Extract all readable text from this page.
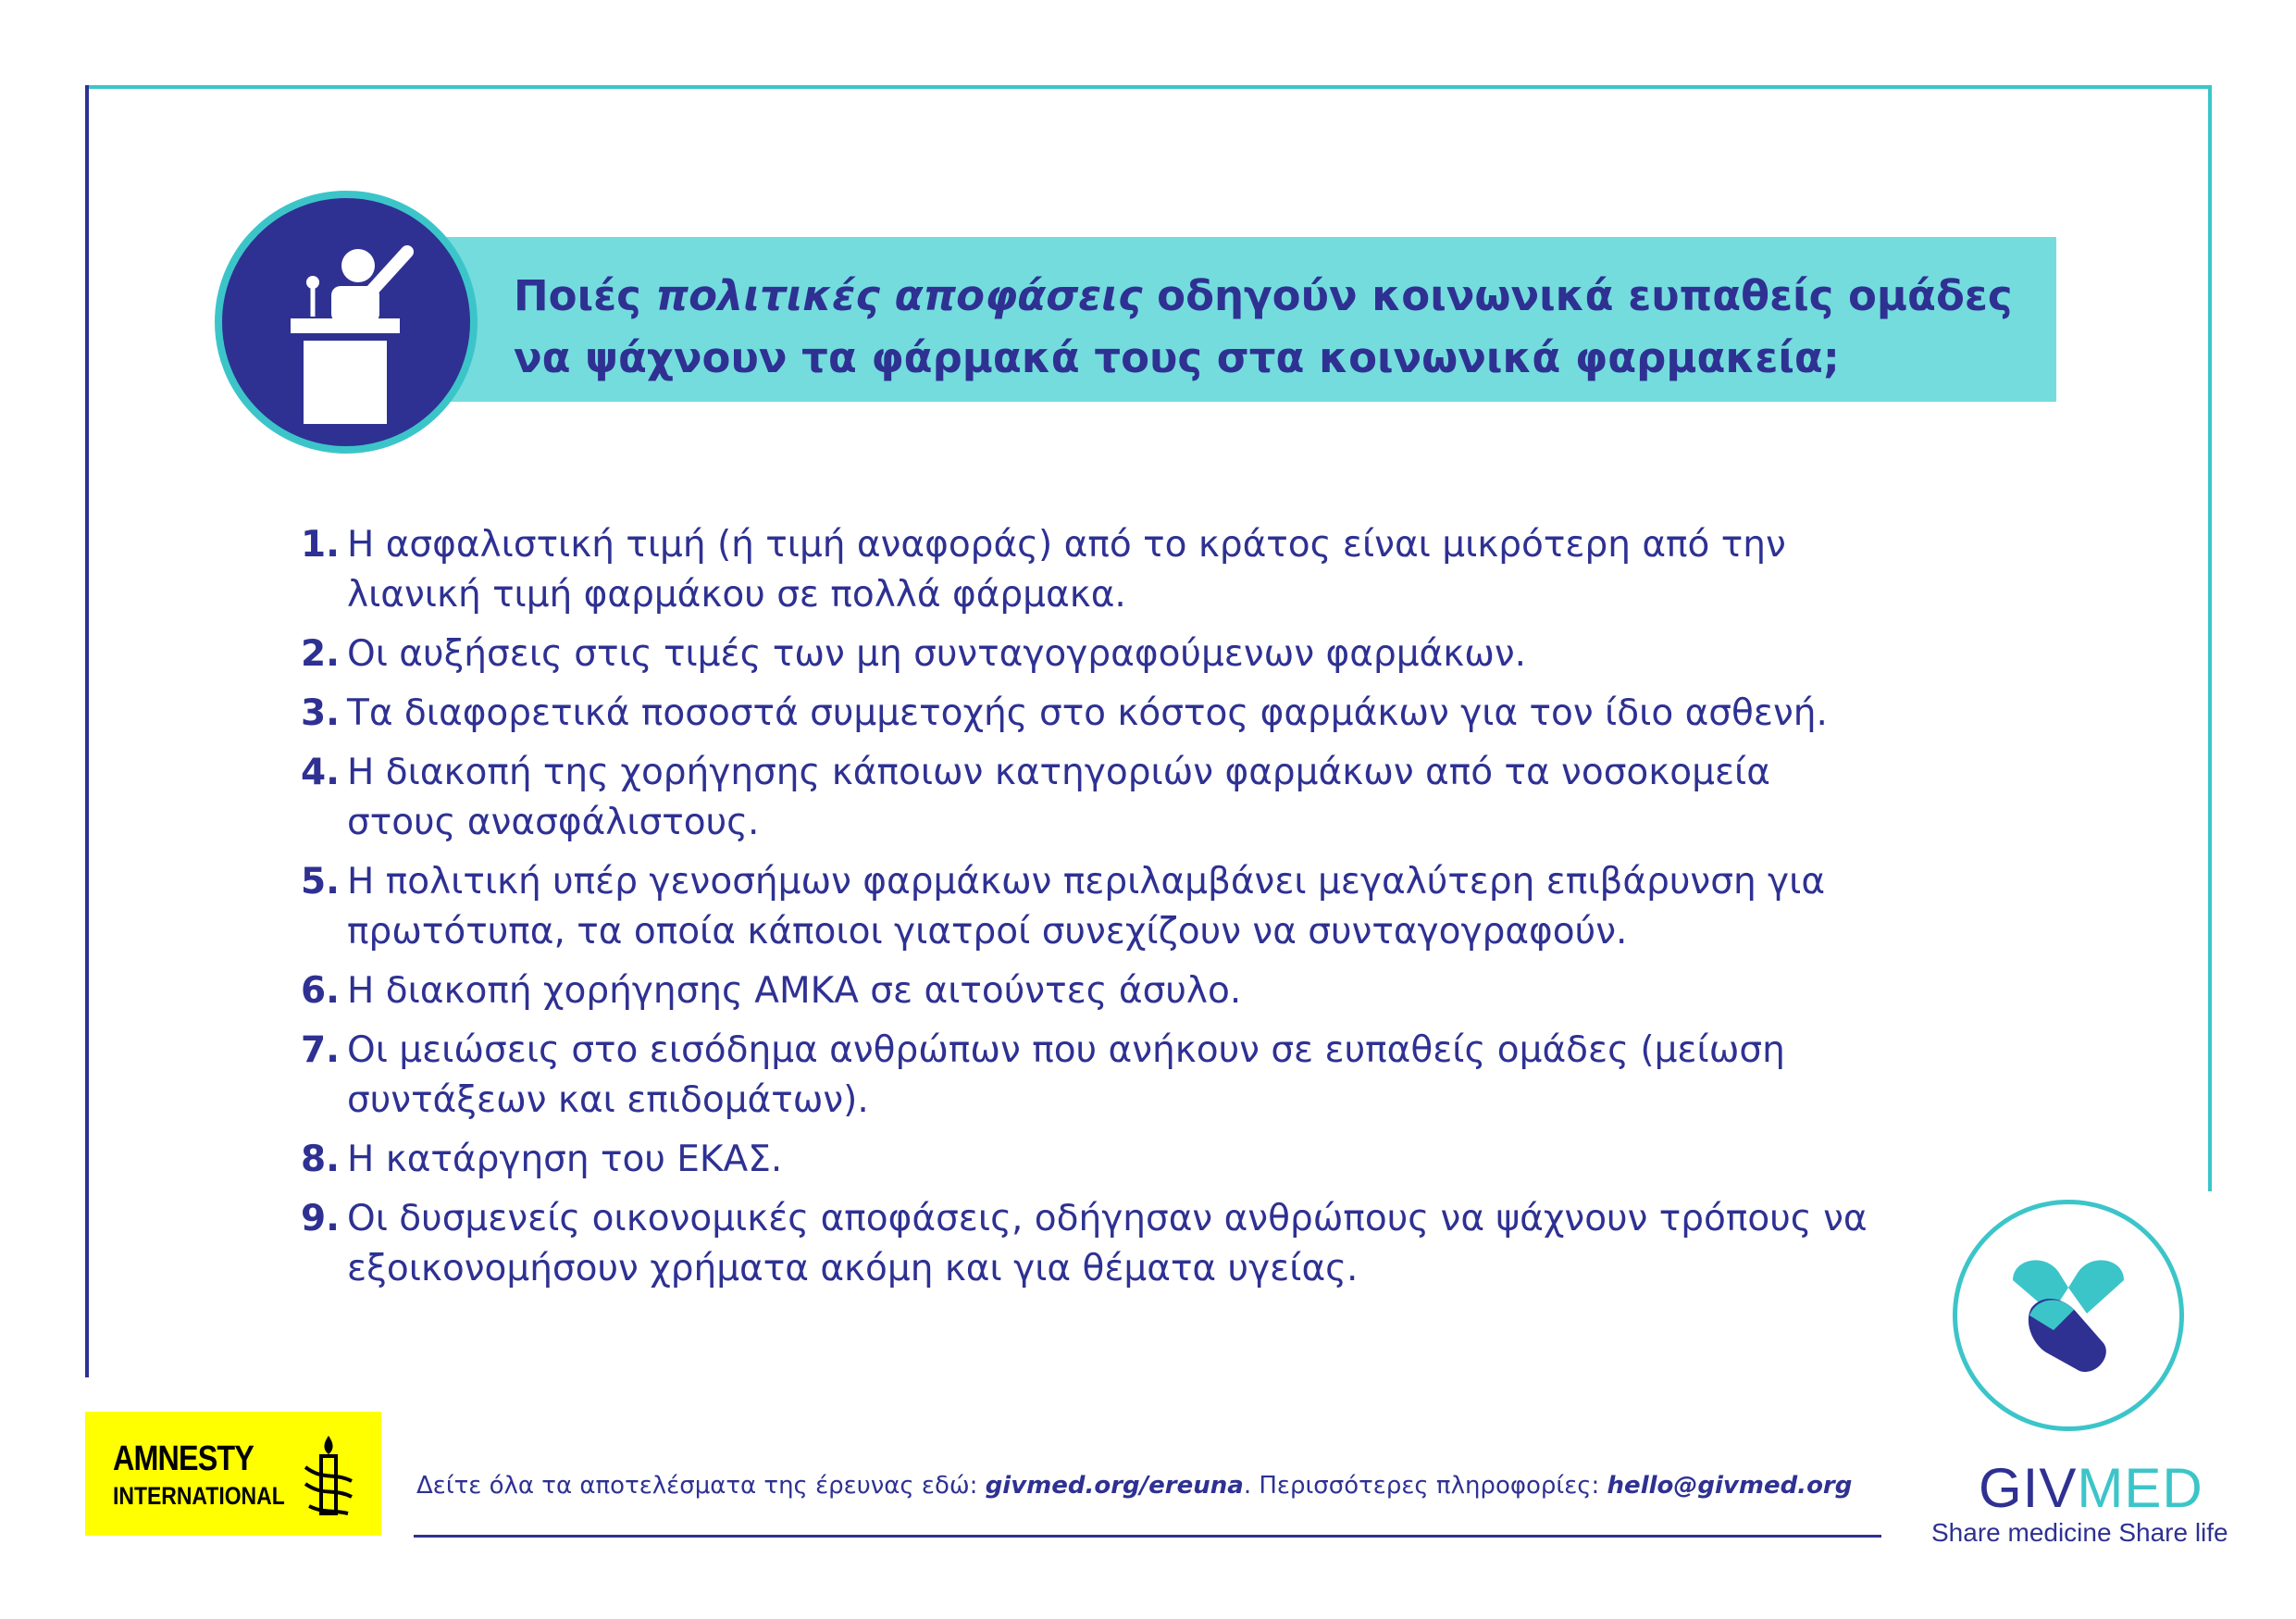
Ποιές πολιτικές αποφάσεις οδηγούν κοινωνικά ευπαθείς ομάδες να ψάχνουν τα φάρμακά τους στα κοινωνικά φαρμακεία;
1. Η ασφαλιστική τιμή (ή τιμή αναφοράς) από το κράτος είναι μικρότερη από την λιανική τιμή φαρμάκου σε πολλά φάρμακα.
2. Οι αυξήσεις στις τιμές των μη συνταγογραφούμενων φαρμάκων.
3. Τα διαφορετικά ποσοστά συμμετοχής στο κόστος φαρμάκων για τον ίδιο ασθενή.
4. Η διακοπή της χορήγησης κάποιων κατηγοριών φαρμάκων από τα νοσοκομεία στους ανασφάλιστους.
5. Η πολιτική υπέρ γενοσήμων φαρμάκων περιλαμβάνει μεγαλύτερη επιβάρυνση για πρωτότυπα, τα οποία κάποιοι γιατροί συνεχίζουν να συνταγογραφούν.
6. Η διακοπή χορήγησης ΑΜΚΑ σε αιτούντες άσυλο.
7. Οι μειώσεις στο εισόδημα ανθρώπων που ανήκουν σε ευπαθείς ομάδες (μείωση συντάξεων και επιδομάτων).
8. Η κατάργηση του ΕΚΑΣ.
9. Οι δυσμενείς οικονομικές αποφάσεις, οδήγησαν ανθρώπους να ψάχνουν τρόπους να εξοικονομήσουν χρήματα ακόμη και για θέματα υγείας.
AMNESTY
INTERNATIONAL	Δείτε όλα τα αποτελέσματα της έρευνας εδώ: givmed.org/ereuna. Περισσότερες πληροφορίες: hello@givmed.org GIVMED
Share medicine Share life
